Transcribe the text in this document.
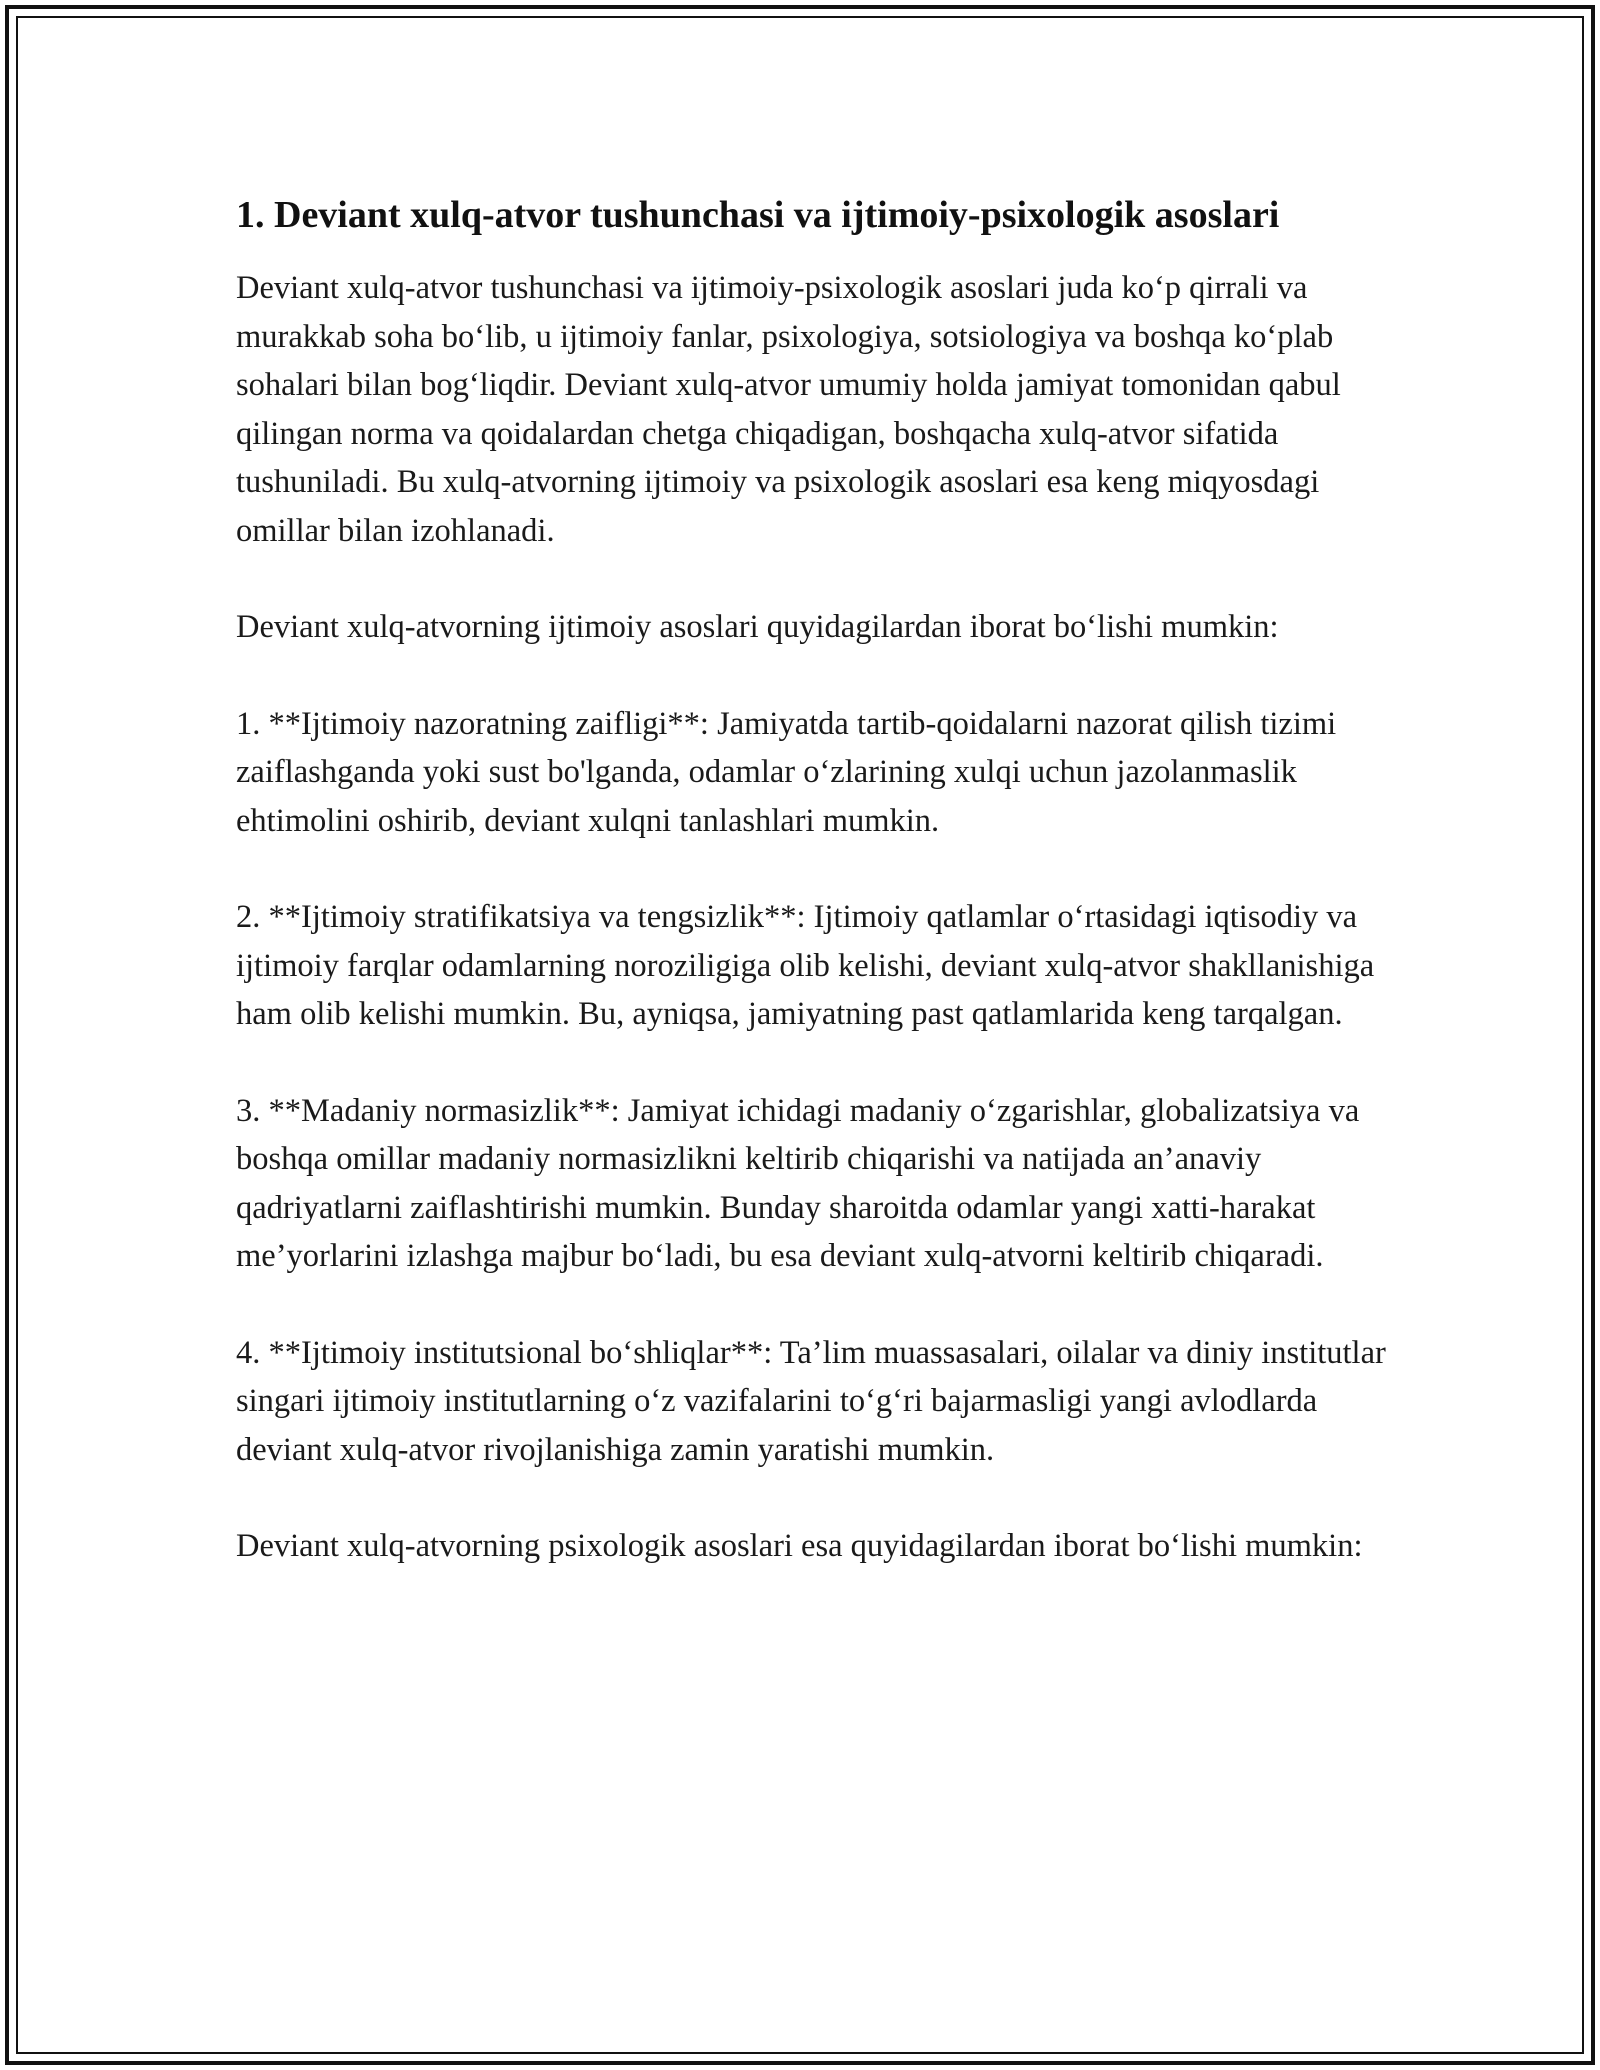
1. Deviant xulq-atvor tushunchasi va ijtimoiy-psixologik asoslari

Deviant xulq-atvor tushunchasi va ijtimoiy-psixologik asoslari juda ko‘p qirrali va murakkab soha bo‘lib, u ijtimoiy fanlar, psixologiya, sotsiologiya va boshqa ko‘plab sohalari bilan bog‘liqdir. Deviant xulq-atvor umumiy holda jamiyat tomonidan qabul qilingan norma va qoidalardan chetga chiqadigan, boshqacha xulq-atvor sifatida tushuniladi. Bu xulq-atvorning ijtimoiy va psixologik asoslari esa keng miqyosdagi omillar bilan izohlanadi.

Deviant xulq-atvorning ijtimoiy asoslari quyidagilardan iborat bo‘lishi mumkin:

1. **Ijtimoiy nazoratning zaifligi**: Jamiyatda tartib-qoidalarni nazorat qilish tizimi zaiflashganda yoki sust bo'lganda, odamlar o‘zlarining xulqi uchun jazolanmaslik ehtimolini oshirib, deviant xulqni tanlashlari mumkin.

2. **Ijtimoiy stratifikatsiya va tengsizlik**: Ijtimoiy qatlamlar o‘rtasidagi iqtisodiy va ijtimoiy farqlar odamlarning noroziligiga olib kelishi, deviant xulq-atvor shakllanishiga ham olib kelishi mumkin. Bu, ayniqsa, jamiyatning past qatlamlarida keng tarqalgan.

3. **Madaniy normasizlik**: Jamiyat ichidagi madaniy o‘zgarishlar, globalizatsiya va boshqa omillar madaniy normasizlikni keltirib chiqarishi va natijada an’anaviy qadriyatlarni zaiflashtirishi mumkin. Bunday sharoitda odamlar yangi xatti-harakat me’yorlarini izlashga majbur bo‘ladi, bu esa deviant xulq-atvorni keltirib chiqaradi.

4. **Ijtimoiy institutsional bo‘shliqlar**: Ta’lim muassasalari, oilalar va diniy institutlar singari ijtimoiy institutlarning o‘z vazifalarini to‘g‘ri bajarmasligi yangi avlodlarda deviant xulq-atvor rivojlanishiga zamin yaratishi mumkin.

Deviant xulq-atvorning psixologik asoslari esa quyidagilardan iborat bo‘lishi mumkin:
